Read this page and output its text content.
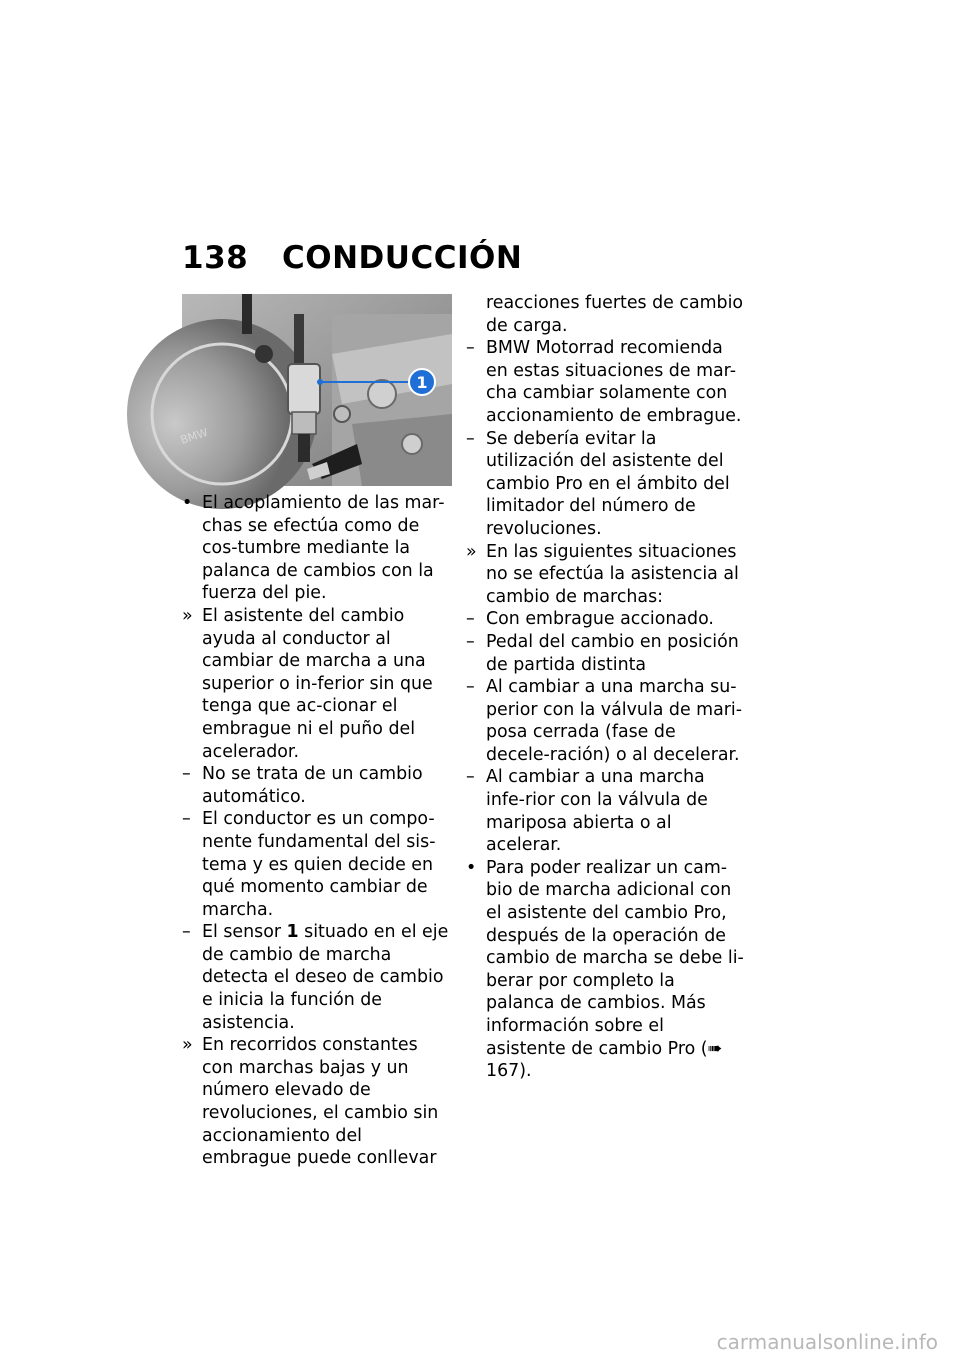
138 CONDUCCIÓN
1
BMW

• El acoplamiento de las mar-chas se efectúa como de cos-tumbre mediante la palanca de cambios con la fuerza del pie.

» El asistente del cambio ayuda al conductor al cambiar de marcha a una superior o in-ferior sin que tenga que ac-cionar el embrague ni el puño del acelerador.

– No se trata de un cambio automático.

– El conductor es un compo-nente fundamental del sis-tema y es quien decide en qué momento cambiar de marcha.

– El sensor 1 situado en el eje de cambio de marcha detecta el deseo de cambio e inicia la función de asistencia.

» En recorridos constantes con marchas bajas y un número elevado de revoluciones, el cambio sin accionamiento del embrague puede conllevar

reacciones fuertes de cambio de carga.

– BMW Motorrad recomienda en estas situaciones de mar-cha cambiar solamente con accionamiento de embrague.

– Se debería evitar la utilización del asistente del cambio Pro en el ámbito del limitador del número de revoluciones.

» En las siguientes situaciones no se efectúa la asistencia al cambio de marchas:

– Con embrague accionado.

– Pedal del cambio en posición de partida distinta

– Al cambiar a una marcha su-perior con la válvula de mari-posa cerrada (fase de decele-ración) o al decelerar.

– Al cambiar a una marcha infe-rior con la válvula de mariposa abierta o al acelerar.

• Para poder realizar un cam-bio de marcha adicional con el asistente del cambio Pro, después de la operación de cambio de marcha se debe li-berar por completo la palanca de cambios. Más información sobre el asistente de cambio Pro (➠ 167).

carmanualsonline.info
